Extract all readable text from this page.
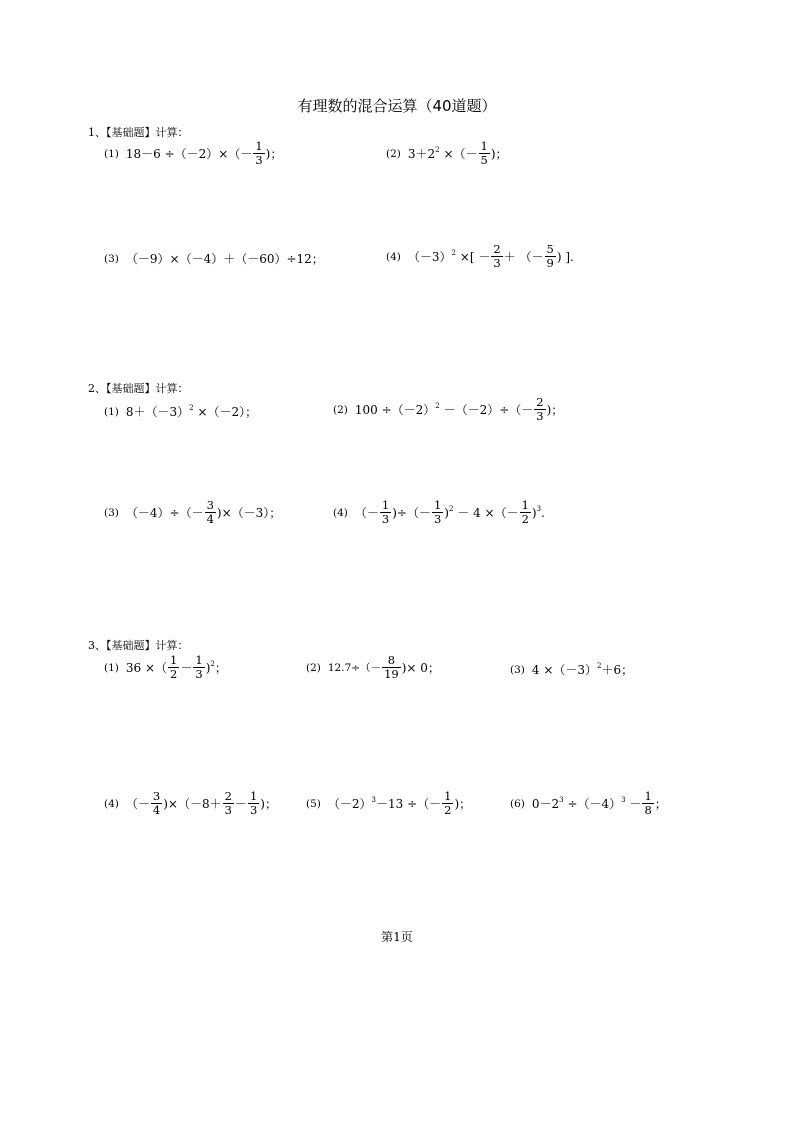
有理数的混合运算（40道题）
1、【基础题】计算：
(1) $18-6 \div(-2)\times(- \frac{1}{3}$ )；	(2) $3+2^2$ ×（－ $\frac{1}{5}$ )；
(3) （－9）×（－4）＋（－60）÷12；	(4) $(-3)^2$ ×[ － $\frac{2}{3}$ ＋ （－ $\frac{5}{9}$ ) ].
2、【基础题】计算：
(1) $8+(-3)^2 \times(-2)$；	(2) $100 \div(-2)^2 -(-2)\div(- \frac{2}{3}$ )；
(3) $(-4)\div(- \frac{3}{4} )\times(-3)$；	(4) （－ $\frac{1}{3}$ )÷（－ $\frac{1}{3} )^2 - 4$ ×（－ $\frac{1}{2} )^3$.
3、【基础题】计算：
(1) 36 ×（ $\frac{1}{2} - \frac{1}{3} )^2$；	(2) $12.7\div(- \frac{8}{19}$ )× 0；	(3) $4 \times(-3)^2+6$；
(4) （－ $\frac{3}{4} )\times(-8+ \frac{2}{3} - \frac{1}{3}$ )；	(5) $(-2)^3-13$ ÷（－ $\frac{1}{2}$ )；	(6) $0-2^3 \div(-4)^3 - \frac{1}{8}$ ；
第1页
